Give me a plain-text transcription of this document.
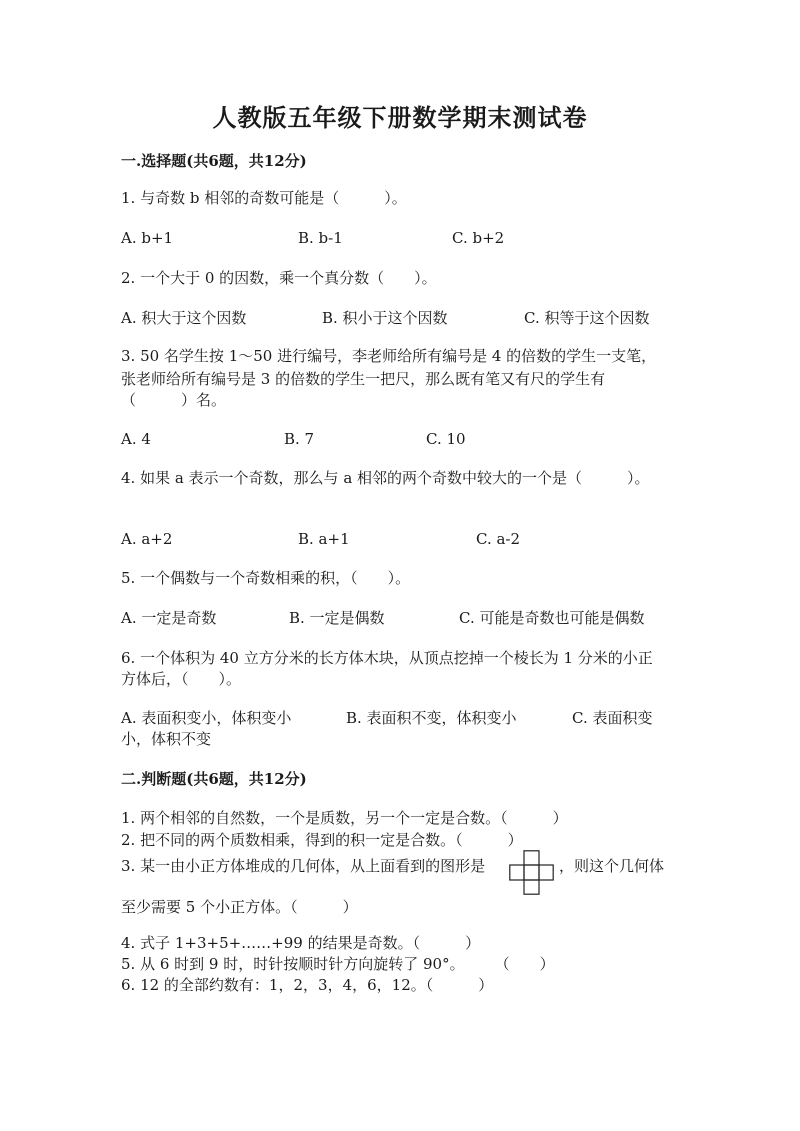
人教版五年级下册数学期末测试卷
一.选择题(共6题，共12分)
1. 与奇数 b 相邻的奇数可能是（　　　）。
A. b+1	B. b-1	C. b+2
2. 一个大于 0 的因数，乘一个真分数（　　）。
A. 积大于这个因数	B. 积小于这个因数	C. 积等于这个因数
3. 50 名学生按 1～50 进行编号，李老师给所有编号是 4 的倍数的学生一支笔，
张老师给所有编号是 3 的倍数的学生一把尺，那么既有笔又有尺的学生有
（　　　）名。
A. 4	B. 7	C. 10
4. 如果 a 表示一个奇数，那么与 a 相邻的两个奇数中较大的一个是（　　　）。
A. a+2	B. a+1	C. a-2
5. 一个偶数与一个奇数相乘的积，（　　）。
A. 一定是奇数	B. 一定是偶数	C. 可能是奇数也可能是偶数
6. 一个体积为 40 立方分米的长方体木块，从顶点挖掉一个棱长为 1 分米的小正
方体后，（　　）。
A. 表面积变小，体积变小	B. 表面积不变，体积变小	C. 表面积变
小，体积不变
二.判断题(共6题，共12分)
1. 两个相邻的自然数，一个是质数，另一个一定是合数。（　　　）
2. 把不同的两个质数相乘，得到的积一定是合数。（　　　）
3. 某一由小正方体堆成的几何体，从上面看到的图形是	，则这个几何体
至少需要 5 个小正方体。（　　　）
4. 式子 1+3+5+……+99 的结果是奇数。（　　　）
5. 从 6 时到 9 时，时针按顺时针方向旋转了 90°。　　　（　　）
6. 12 的全部约数有：1，2，3，4，6，12。（　　　）
